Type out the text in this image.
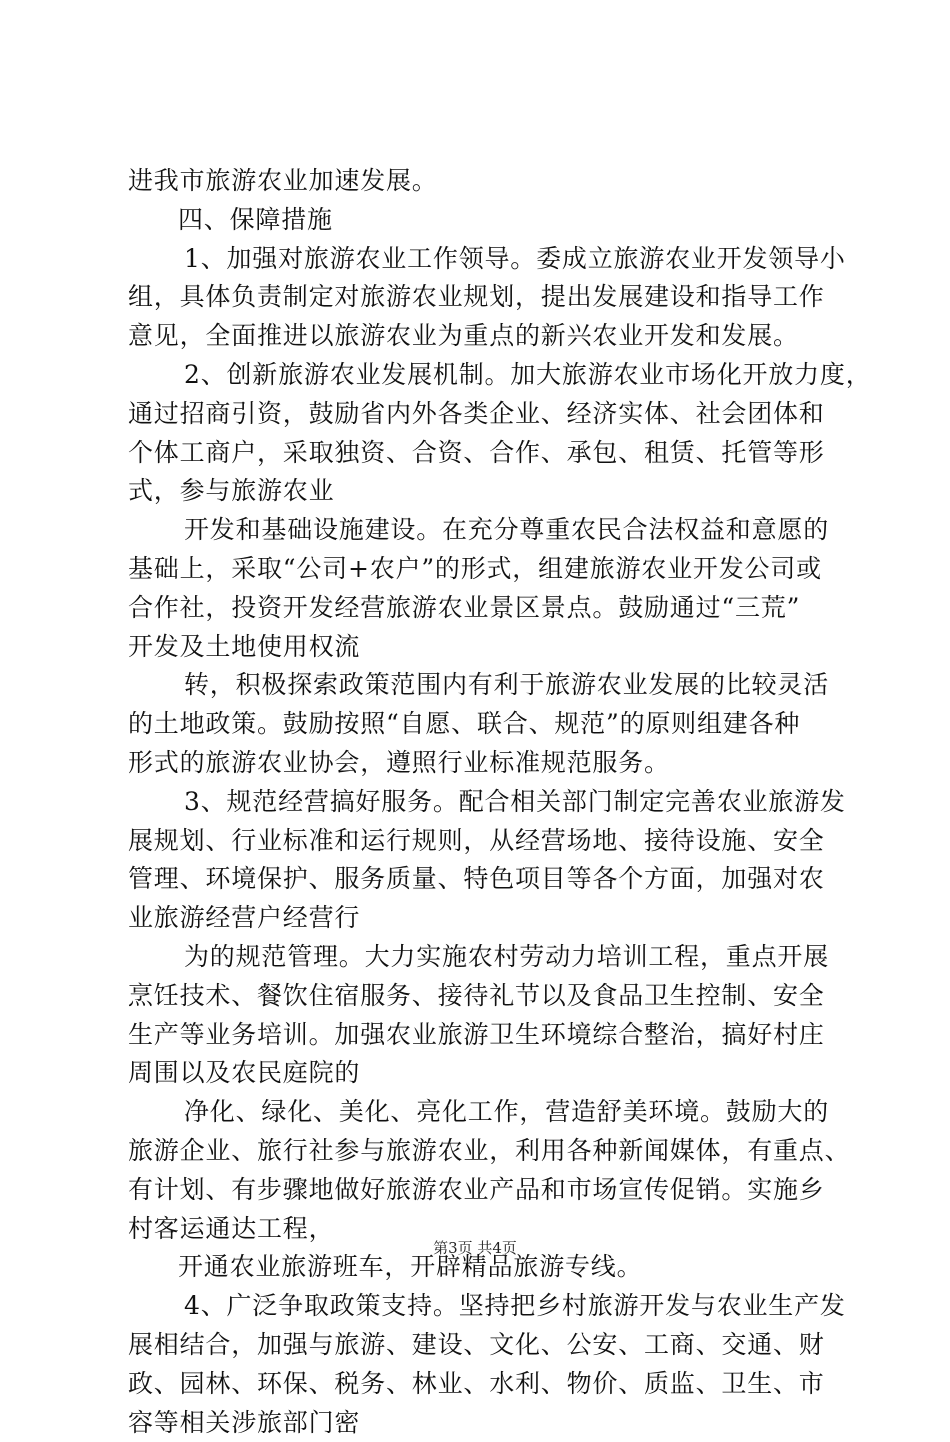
进我市旅游农业加速发展。
四、保障措施
1、加强对旅游农业工作领导。委成立旅游农业开发领导小
组，具体负责制定对旅游农业规划，提出发展建设和指导工作
意见，全面推进以旅游农业为重点的新兴农业开发和发展。
2、创新旅游农业发展机制。加大旅游农业市场化开放力度，
通过招商引资，鼓励省内外各类企业、经济实体、社会团体和
个体工商户，采取独资、合资、合作、承包、租赁、托管等形
式，参与旅游农业
开发和基础设施建设。在充分尊重农民合法权益和意愿的
基础上，采取“公司+农户”的形式，组建旅游农业开发公司或
合作社，投资开发经营旅游农业景区景点。鼓励通过“三荒”
开发及土地使用权流
转，积极探索政策范围内有利于旅游农业发展的比较灵活
的土地政策。鼓励按照“自愿、联合、规范”的原则组建各种
形式的旅游农业协会，遵照行业标准规范服务。
3、规范经营搞好服务。配合相关部门制定完善农业旅游发
展规划、行业标准和运行规则，从经营场地、接待设施、安全
管理、环境保护、服务质量、特色项目等各个方面，加强对农
业旅游经营户经营行
为的规范管理。大力实施农村劳动力培训工程，重点开展
烹饪技术、餐饮住宿服务、接待礼节以及食品卫生控制、安全
生产等业务培训。加强农业旅游卫生环境综合整治，搞好村庄
周围以及农民庭院的
净化、绿化、美化、亮化工作，营造舒美环境。鼓励大的
旅游企业、旅行社参与旅游农业，利用各种新闻媒体，有重点、
有计划、有步骤地做好旅游农业产品和市场宣传促销。实施乡
村客运通达工程，
开通农业旅游班车，开辟精品旅游专线。
4、广泛争取政策支持。坚持把乡村旅游开发与农业生产发
展相结合，加强与旅游、建设、文化、公安、工商、交通、财
政、园林、环保、税务、林业、水利、物价、质监、卫生、市
容等相关涉旅部门密
第3页 共4页
